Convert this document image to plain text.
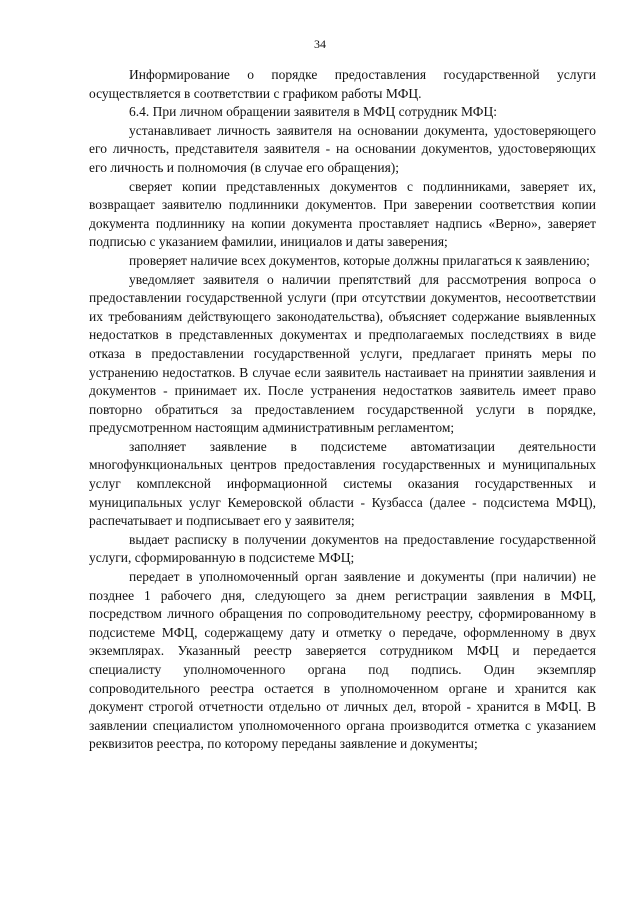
34

Информирование о порядке предоставления государственной услуги осуществляется в соответствии с графиком работы МФЦ.

6.4. При личном обращении заявителя в МФЦ сотрудник МФЦ:

устанавливает личность заявителя на основании документа, удостоверяющего его личность, представителя заявителя - на основании документов, удостоверяющих его личность и полномочия (в случае его обращения);

сверяет копии представленных документов с подлинниками, заверяет их, возвращает заявителю подлинники документов. При заверении соответствия копии документа подлиннику на копии документа проставляет надпись «Верно», заверяет подписью с указанием фамилии, инициалов и даты заверения;

проверяет наличие всех документов, которые должны прилагаться к заявлению;

уведомляет заявителя о наличии препятствий для рассмотрения вопроса о предоставлении государственной услуги (при отсутствии документов, несоответствии их требованиям действующего законодательства), объясняет содержание выявленных недостатков в представленных документах и предполагаемых последствиях в виде отказа в предоставлении государственной услуги, предлагает принять меры по устранению недостатков. В случае если заявитель настаивает на принятии заявления и документов - принимает их. После устранения недостатков заявитель имеет право повторно обратиться за предоставлением государственной услуги в порядке, предусмотренном настоящим административным регламентом;

заполняет заявление в подсистеме автоматизации деятельности многофункциональных центров предоставления государственных и муниципальных услуг комплексной информационной системы оказания государственных и муниципальных услуг Кемеровской области - Кузбасса (далее - подсистема МФЦ), распечатывает и подписывает его у заявителя;

выдает расписку в получении документов на предоставление государственной услуги, сформированную в подсистеме МФЦ;

передает в уполномоченный орган заявление и документы (при наличии) не позднее 1 рабочего дня, следующего за днем регистрации заявления в МФЦ, посредством личного обращения по сопроводительному реестру, сформированному в подсистеме МФЦ, содержащему дату и отметку о передаче, оформленному в двух экземплярах. Указанный реестр заверяется сотрудником МФЦ и передается специалисту уполномоченного органа под подпись. Один экземпляр сопроводительного реестра остается в уполномоченном органе и хранится как документ строгой отчетности отдельно от личных дел, второй - хранится в МФЦ. В заявлении специалистом уполномоченного органа производится отметка с указанием реквизитов реестра, по которому переданы заявление и документы;
